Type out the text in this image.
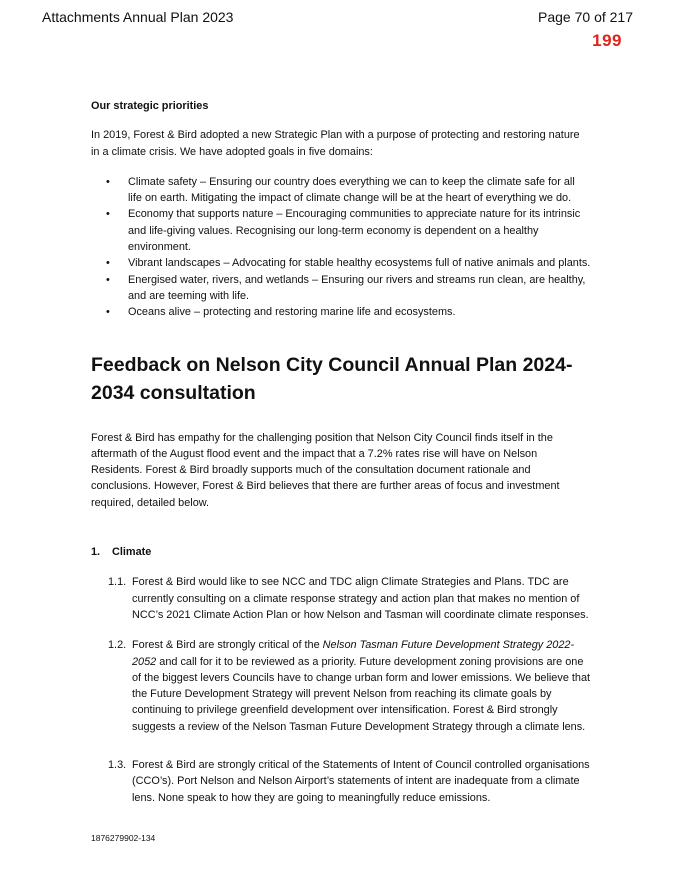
Attachments Annual Plan 2023	Page 70 of 217
199
Our strategic priorities

In 2019, Forest & Bird adopted a new Strategic Plan with a purpose of protecting and restoring nature in a climate crisis. We have adopted goals in five domains:

• Climate safety – Ensuring our country does everything we can to keep the climate safe for all life on earth. Mitigating the impact of climate change will be at the heart of everything we do.
• Economy that supports nature – Encouraging communities to appreciate nature for its intrinsic and life-giving values. Recognising our long-term economy is dependent on a healthy environment.
• Vibrant landscapes – Advocating for stable healthy ecosystems full of native animals and plants.
• Energised water, rivers, and wetlands – Ensuring our rivers and streams run clean, are healthy, and are teeming with life.
• Oceans alive – protecting and restoring marine life and ecosystems.
Feedback on Nelson City Council Annual Plan 2024-2034 consultation

Forest & Bird has empathy for the challenging position that Nelson City Council finds itself in the aftermath of the August flood event and the impact that a 7.2% rates rise will have on Nelson Residents. Forest & Bird broadly supports much of the consultation document rationale and conclusions. However, Forest & Bird believes that there are further areas of focus and investment required, detailed below.

1. Climate
1.1. Forest & Bird would like to see NCC and TDC align Climate Strategies and Plans. TDC are currently consulting on a climate response strategy and action plan that makes no mention of NCC’s 2021 Climate Action Plan or how Nelson and Tasman will coordinate climate responses.
1.2. Forest & Bird are strongly critical of the Nelson Tasman Future Development Strategy 2022-2052 and call for it to be reviewed as a priority. Future development zoning provisions are one of the biggest levers Councils have to change urban form and lower emissions. We believe that the Future Development Strategy will prevent Nelson from reaching its climate goals by continuing to privilege greenfield development over intensification. Forest & Bird strongly suggests a review of the Nelson Tasman Future Development Strategy through a climate lens.
1.3. Forest & Bird are strongly critical of the Statements of Intent of Council controlled organisations (CCO’s). Port Nelson and Nelson Airport’s statements of intent are inadequate from a climate lens. None speak to how they are going to meaningfully reduce emissions.
1876279902-134
